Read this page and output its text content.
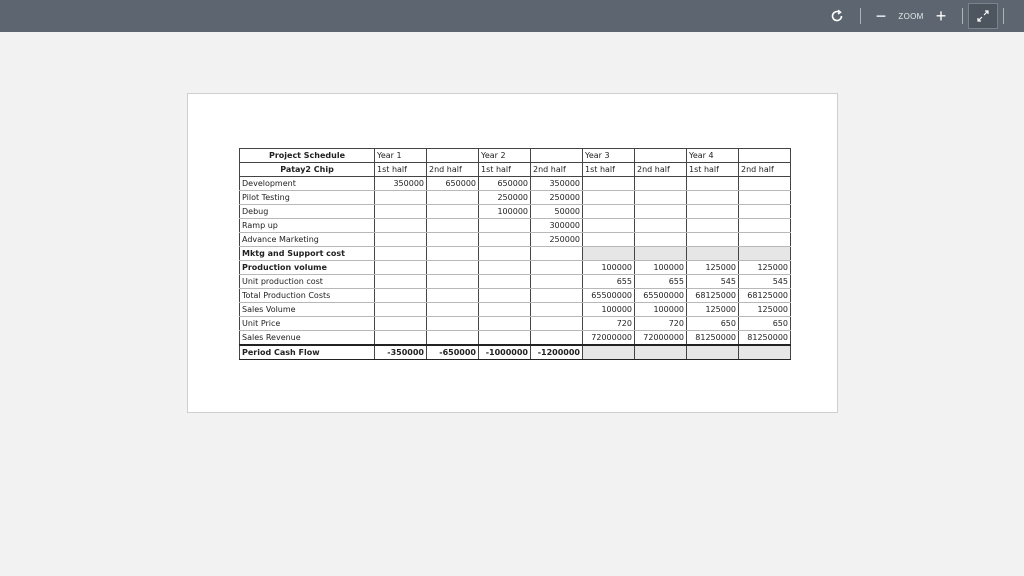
−	ZOOM +
Project Schedule	Year 1		Year 2		Year 3		Year 4	
Patay2 Chip	1st half	2nd half	1st half	2nd half	1st half	2nd half	1st half	2nd half
Development	350000	650000	650000	350000				
Pilot Testing			250000	250000				
Debug			100000	50000				
Ramp up				300000				
Advance Marketing				250000				
Mktg and Support cost								
Production volume					100000	100000	125000	125000
Unit production cost					655	655	545	545
Total Production Costs					65500000	65500000	68125000	68125000
Sales Volume					100000	100000	125000	125000
Unit Price					720	720	650	650
Sales Revenue					72000000	72000000	81250000	81250000
Period Cash Flow	-350000	-650000	-1000000	-1200000				
